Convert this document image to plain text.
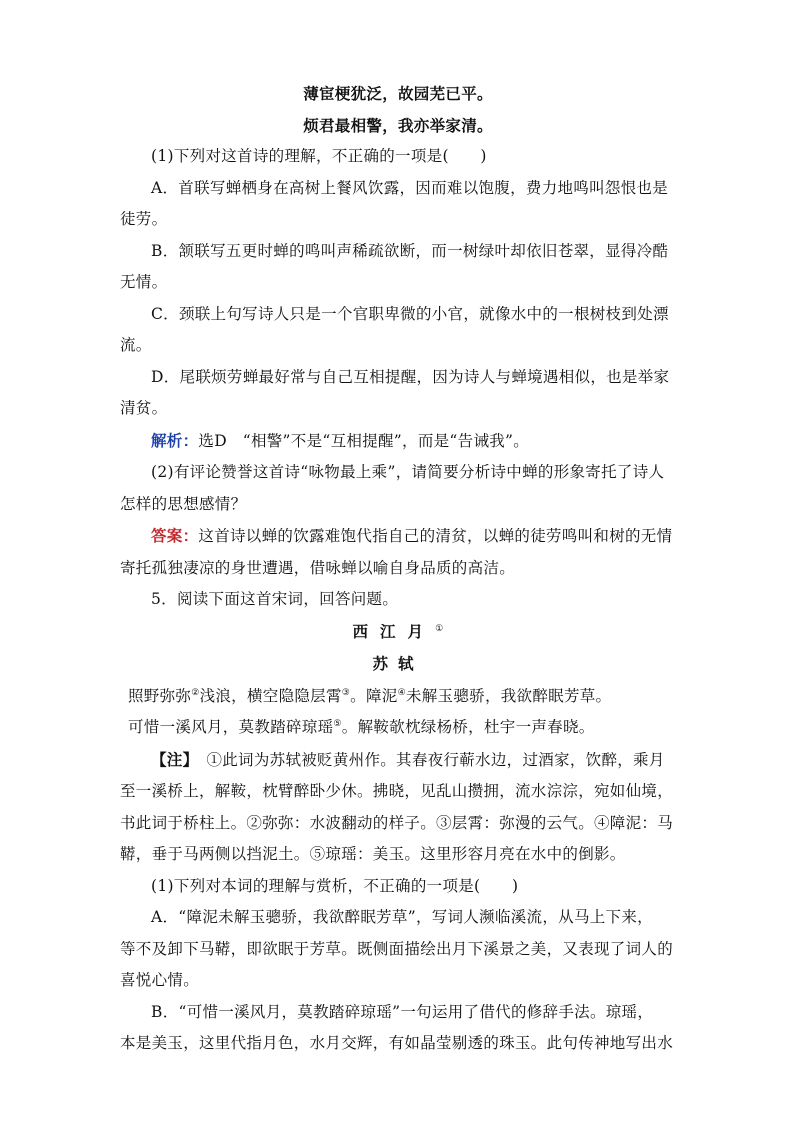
薄宦梗犹泛，故园芜已平。
烦君最相警，我亦举家清。
(1)下列对这首诗的理解，不正确的一项是(　　)
A．首联写蝉栖身在高树上餐风饮露，因而难以饱腹，费力地鸣叫怨恨也是
徒劳。
B．颔联写五更时蝉的鸣叫声稀疏欲断，而一树绿叶却依旧苍翠，显得冷酷
无情。
C．颈联上句写诗人只是一个官职卑微的小官，就像水中的一根树枝到处漂
流。
D．尾联烦劳蝉最好常与自己互相提醒，因为诗人与蝉境遇相似，也是举家
清贫。
解析：选D　“相警”不是“互相提醒”，而是“告诫我”。
(2)有评论赞誉这首诗“咏物最上乘”，请简要分析诗中蝉的形象寄托了诗人
怎样的思想感情？
答案：这首诗以蝉的饮露难饱代指自己的清贫，以蝉的徒劳鸣叫和树的无情
寄托孤独凄凉的身世遭遇，借咏蝉以喻自身品质的高洁。
5．阅读下面这首宋词，回答问题。
西江月①
苏轼
照野弥弥②浅浪，横空隐隐层霄③。障泥④未解玉骢骄，我欲醉眠芳草。
可惜一溪风月，莫教踏碎琼瑶⑤。解鞍欹枕绿杨桥，杜宇一声春晓。
【注】　①此词为苏轼被贬黄州作。其春夜行蕲水边，过酒家，饮醉，乘月
至一溪桥上，解鞍，枕臂醉卧少休。拂晓，见乱山攒拥，流水淙淙，宛如仙境，
书此词于桥柱上。②弥弥：水波翻动的样子。③层霄：弥漫的云气。④障泥：马
鞯，垂于马两侧以挡泥土。⑤琼瑶：美玉。这里形容月亮在水中的倒影。
(1)下列对本词的理解与赏析，不正确的一项是(　　)
A．“障泥未解玉骢骄，我欲醉眠芳草”，写词人濒临溪流，从马上下来，
等不及卸下马鞯，即欲眠于芳草。既侧面描绘出月下溪景之美，又表现了词人的
喜悦心情。
B．“可惜一溪风月，莫教踏碎琼瑶”一句运用了借代的修辞手法。琼瑶，
本是美玉，这里代指月色，水月交辉，有如晶莹剔透的珠玉。此句传神地写出水
